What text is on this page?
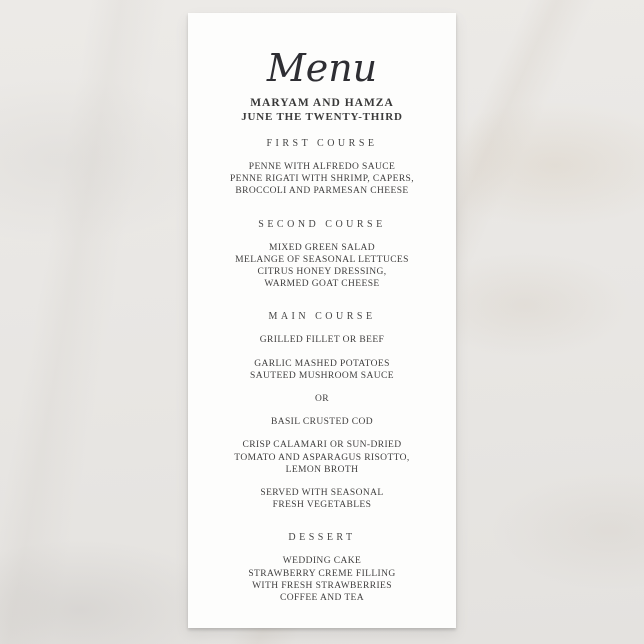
Menu
MARYAM AND HAMZA
JUNE THE TWENTY-THIRD
FIRST COURSE
PENNE WITH ALFREDO SAUCE
PENNE RIGATI WITH SHRIMP, CAPERS,
BROCCOLI AND PARMESAN CHEESE
SECOND COURSE
MIXED GREEN SALAD
MELANGE OF SEASONAL LETTUCES
CITRUS HONEY DRESSING,
WARMED GOAT CHEESE
MAIN COURSE
GRILLED FILLET OR BEEF
GARLIC MASHED POTATOES
SAUTEED MUSHROOM SAUCE
OR
BASIL CRUSTED COD
CRISP CALAMARI OR SUN-DRIED
TOMATO AND ASPARAGUS RISOTTO,
LEMON BROTH
SERVED WITH SEASONAL
FRESH VEGETABLES
DESSERT
WEDDING CAKE
STRAWBERRY CREME FILLING
WITH FRESH STRAWBERRIES
COFFEE AND TEA
